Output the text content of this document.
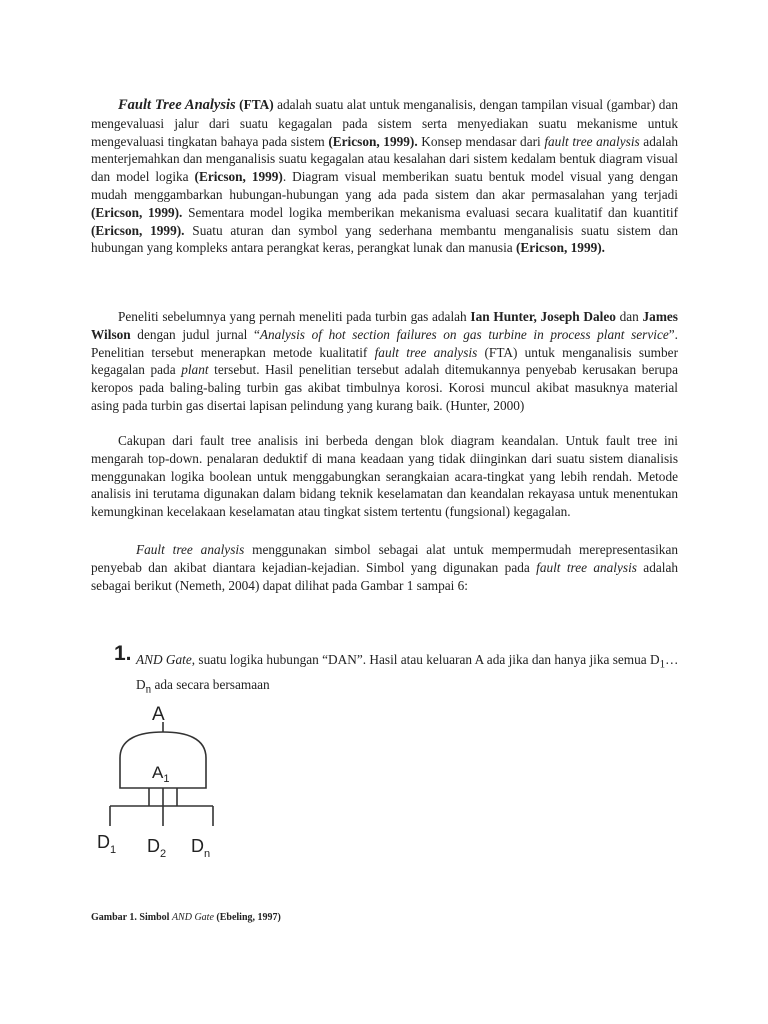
Fault Tree Analysis (FTA) adalah suatu alat untuk menganalisis, dengan tampilan visual (gambar) dan mengevaluasi jalur dari suatu kegagalan pada sistem serta menyediakan suatu mekanisme untuk mengevaluasi tingkatan bahaya pada sistem (Ericson, 1999). Konsep mendasar dari fault tree analysis adalah menterjemahkan dan menganalisis suatu kegagalan atau kesalahan dari sistem kedalam bentuk diagram visual dan model logika (Ericson, 1999). Diagram visual memberikan suatu bentuk model visual yang dengan mudah menggambarkan hubungan-hubungan yang ada pada sistem dan akar permasalahan yang terjadi (Ericson, 1999). Sementara model logika memberikan mekanisma evaluasi secara kualitatif dan kuantitif (Ericson, 1999). Suatu aturan dan symbol yang sederhana membantu menganalisis suatu sistem dan hubungan yang kompleks antara perangkat keras, perangkat lunak dan manusia (Ericson, 1999).

Peneliti sebelumnya yang pernah meneliti pada turbin gas adalah Ian Hunter, Joseph Daleo dan James Wilson dengan judul jurnal “Analysis of hot section failures on gas turbine in process plant service”. Penelitian tersebut menerapkan metode kualitatif fault tree analysis (FTA) untuk menganalisis sumber kegagalan pada plant tersebut. Hasil penelitian tersebut adalah ditemukannya penyebab kerusakan berupa keropos pada baling-baling turbin gas akibat timbulnya korosi. Korosi muncul akibat masuknya material asing pada turbin gas disertai lapisan pelindung yang kurang baik. (Hunter, 2000)

Cakupan dari fault tree analisis ini berbeda dengan blok diagram keandalan. Untuk fault tree ini mengarah top-down. penalaran deduktif di mana keadaan yang tidak diinginkan dari suatu sistem dianalisis menggunakan logika boolean untuk menggabungkan serangkaian acara-tingkat yang lebih rendah. Metode analisis ini terutama digunakan dalam bidang teknik keselamatan dan keandalan rekayasa untuk menentukan kemungkinan kecelakaan keselamatan atau tingkat sistem tertentu (fungsional) kegagalan.

Fault tree analysis menggunakan simbol sebagai alat untuk mempermudah merepresentasikan penyebab dan akibat diantara kejadian-kejadian. Simbol yang digunakan pada fault tree analysis adalah sebagai berikut (Nemeth, 2004) dapat dilihat pada Gambar 1 sampai 6:

1. AND Gate, suatu logika hubungan “DAN”. Hasil atau keluaran A ada jika dan hanya jika semua $D_1\dots D_n$ ada secara bersamaan

A
$A_1$
$D_1$ $D_2$ $D_n$

Gambar 1. Simbol AND Gate (Ebeling, 1997)
